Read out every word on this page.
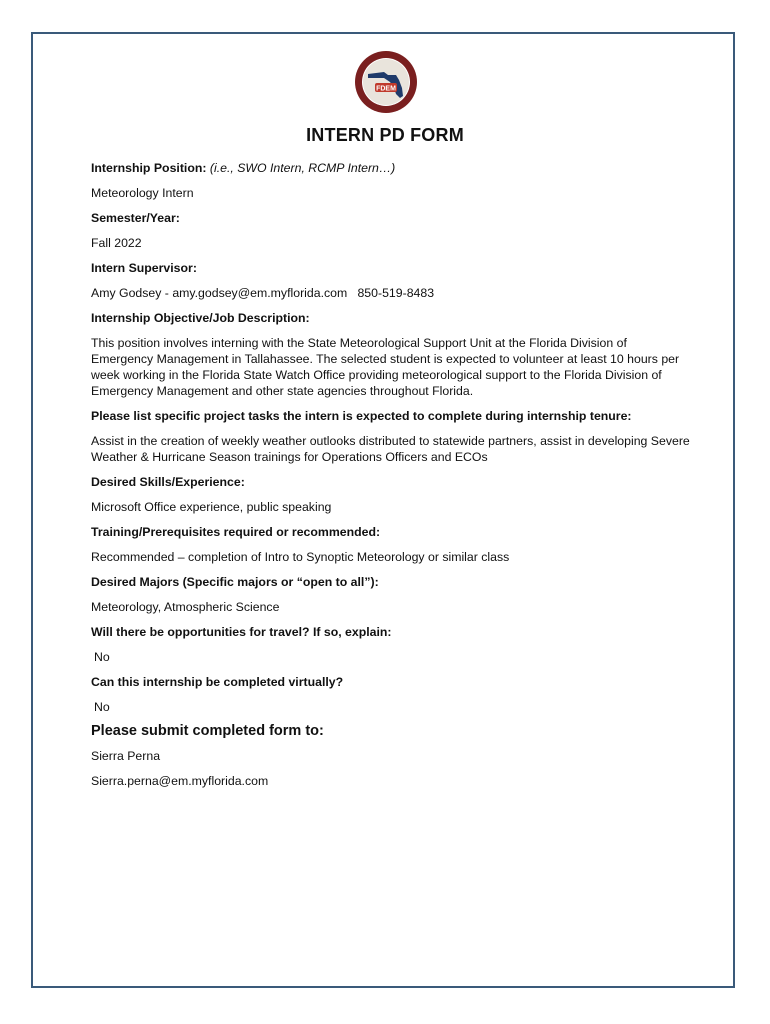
FDEM
INTERN PD FORM

Internship Position: (i.e., SWO Intern, RCMP Intern…)

Meteorology Intern

Semester/Year:

Fall 2022

Intern Supervisor:

Amy Godsey - amy.godsey@em.myflorida.com   850-519-8483

Internship Objective/Job Description:

This position involves interning with the State Meteorological Support Unit at the Florida Division of Emergency Management in Tallahassee. The selected student is expected to volunteer at least 10 hours per week working in the Florida State Watch Office providing meteorological support to the Florida Division of Emergency Management and other state agencies throughout Florida.

Please list specific project tasks the intern is expected to complete during internship tenure:

Assist in the creation of weekly weather outlooks distributed to statewide partners, assist in developing Severe Weather & Hurricane Season trainings for Operations Officers and ECOs

Desired Skills/Experience:

Microsoft Office experience, public speaking

Training/Prerequisites required or recommended:

Recommended – completion of Intro to Synoptic Meteorology or similar class

Desired Majors (Specific majors or “open to all”):

Meteorology, Atmospheric Science

Will there be opportunities for travel? If so, explain:

No

Can this internship be completed virtually?

No

Please submit completed form to:

Sierra Perna

Sierra.perna@em.myflorida.com
